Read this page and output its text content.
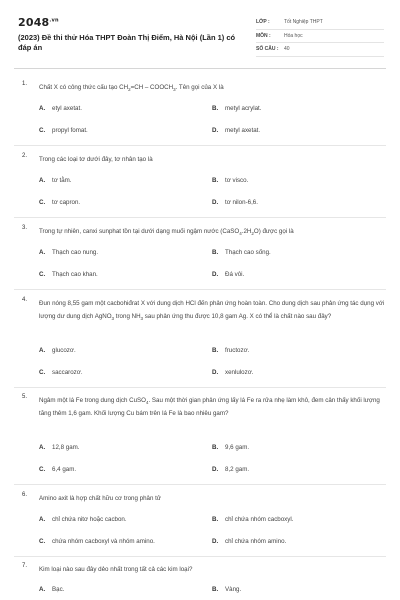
$2048^{.vn}$
(2023) Đề thi thử Hóa THPT Đoàn Thị Điểm, Hà Nội (Lần 1) có đáp án
LỚP :	Tốt Nghiệp THPT
MÔN :	Hóa học
SỐ CÂU : 40
1. Chất X có công thức cấu tạo $CH_2=CH$ – $COOCH_3$. Tên gọi của X là
A. etyl axetat.	B. metyl acrylat.
C. propyl fomat.	D. metyl axetat.
2. Trong các loại tơ dưới đây, tơ nhân tạo là
A. tơ tằm.	B. tơ visco.
C. tơ capron.	D. tơ nilon-6,6.
3. Trong tự nhiên, canxi sunphat tồn tại dưới dạng muối ngậm nước $(CaSO_4.2H_2O)$ được gọi là
A. Thạch cao nung.	B. Thạch cao sống.
C. Thạch cao khan.	D. Đá vôi.
4. Đun nóng 8,55 gam một cacbohiđrat X với dung dịch HCl đến phản ứng hoàn toàn. Cho dung dịch sau phản ứng tác dụng với lượng dư dung dịch AgNO$_3$ trong $NH_3$ sau phản ứng thu được 10,8 gam Ag. X có thể là chất nào sau đây?
A. glucozơ.	B. fructozơ.
C. saccarozơ.	D. xenlulozơ.
5. Ngâm một lá Fe trong dung dịch CuSO$_4$. Sau một thời gian phản ứng lấy lá Fe ra rửa nhẹ làm khô, đem cân thấy khối lượng tăng thêm 1,6 gam. Khối lượng Cu bám trên lá Fe là bao nhiêu gam?
A. 12,8 gam.	B. 9,6 gam.
C. 6,4 gam.	D. 8,2 gam.
6. Amino axit là hợp chất hữu cơ trong phân tử
A. chỉ chứa nitơ hoặc cacbon.	B. chỉ chứa nhóm cacboxyl.
C. chứa nhóm cacboxyl và nhóm amino.	D. chỉ chứa nhóm amino.
7. Kim loại nào sau đây dẻo nhất trong tất cả các kim loại?
A. Bạc.	B. Vàng.
